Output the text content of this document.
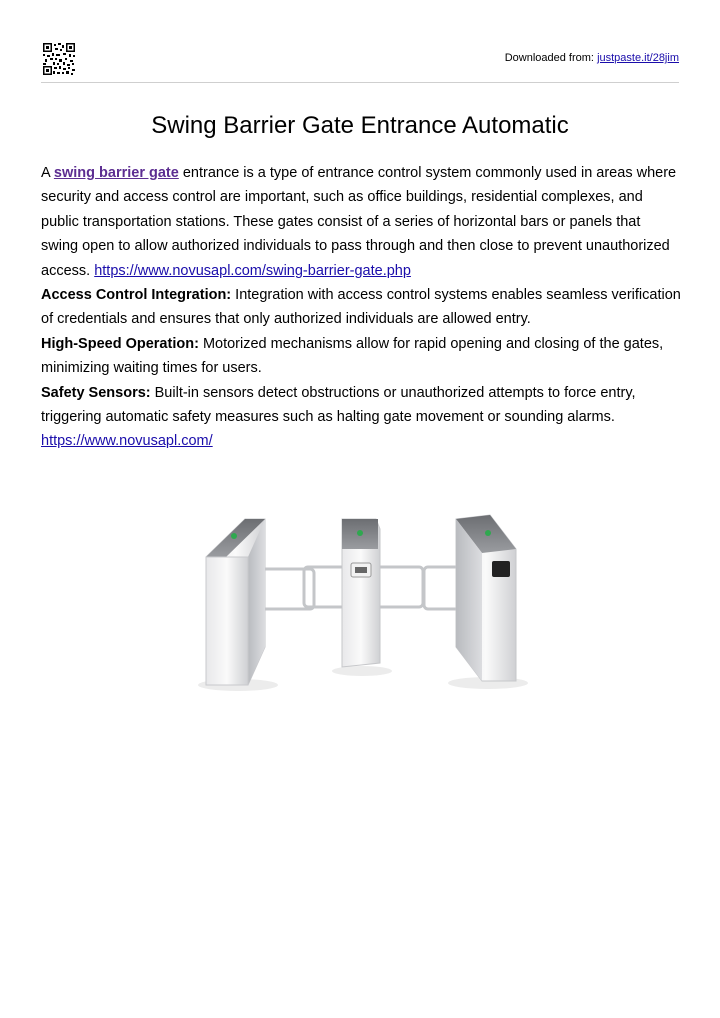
Downloaded from: justpaste.it/28jim
Swing Barrier Gate Entrance Automatic

A swing barrier gate entrance is a type of entrance control system commonly used in areas where security and access control are important, such as office buildings, residential complexes, and public transportation stations. These gates consist of a series of horizontal bars or panels that swing open to allow authorized individuals to pass through and then close to prevent unauthorized access. https://www.novusapl.com/swing-barrier-gate.php

Access Control Integration: Integration with access control systems enables seamless verification of credentials and ensures that only authorized individuals are allowed entry.

High-Speed Operation: Motorized mechanisms allow for rapid opening and closing of the gates, minimizing waiting times for users.

Safety Sensors: Built-in sensors detect obstructions or unauthorized attempts to force entry, triggering automatic safety measures such as halting gate movement or sounding alarms.

https://www.novusapl.com/
